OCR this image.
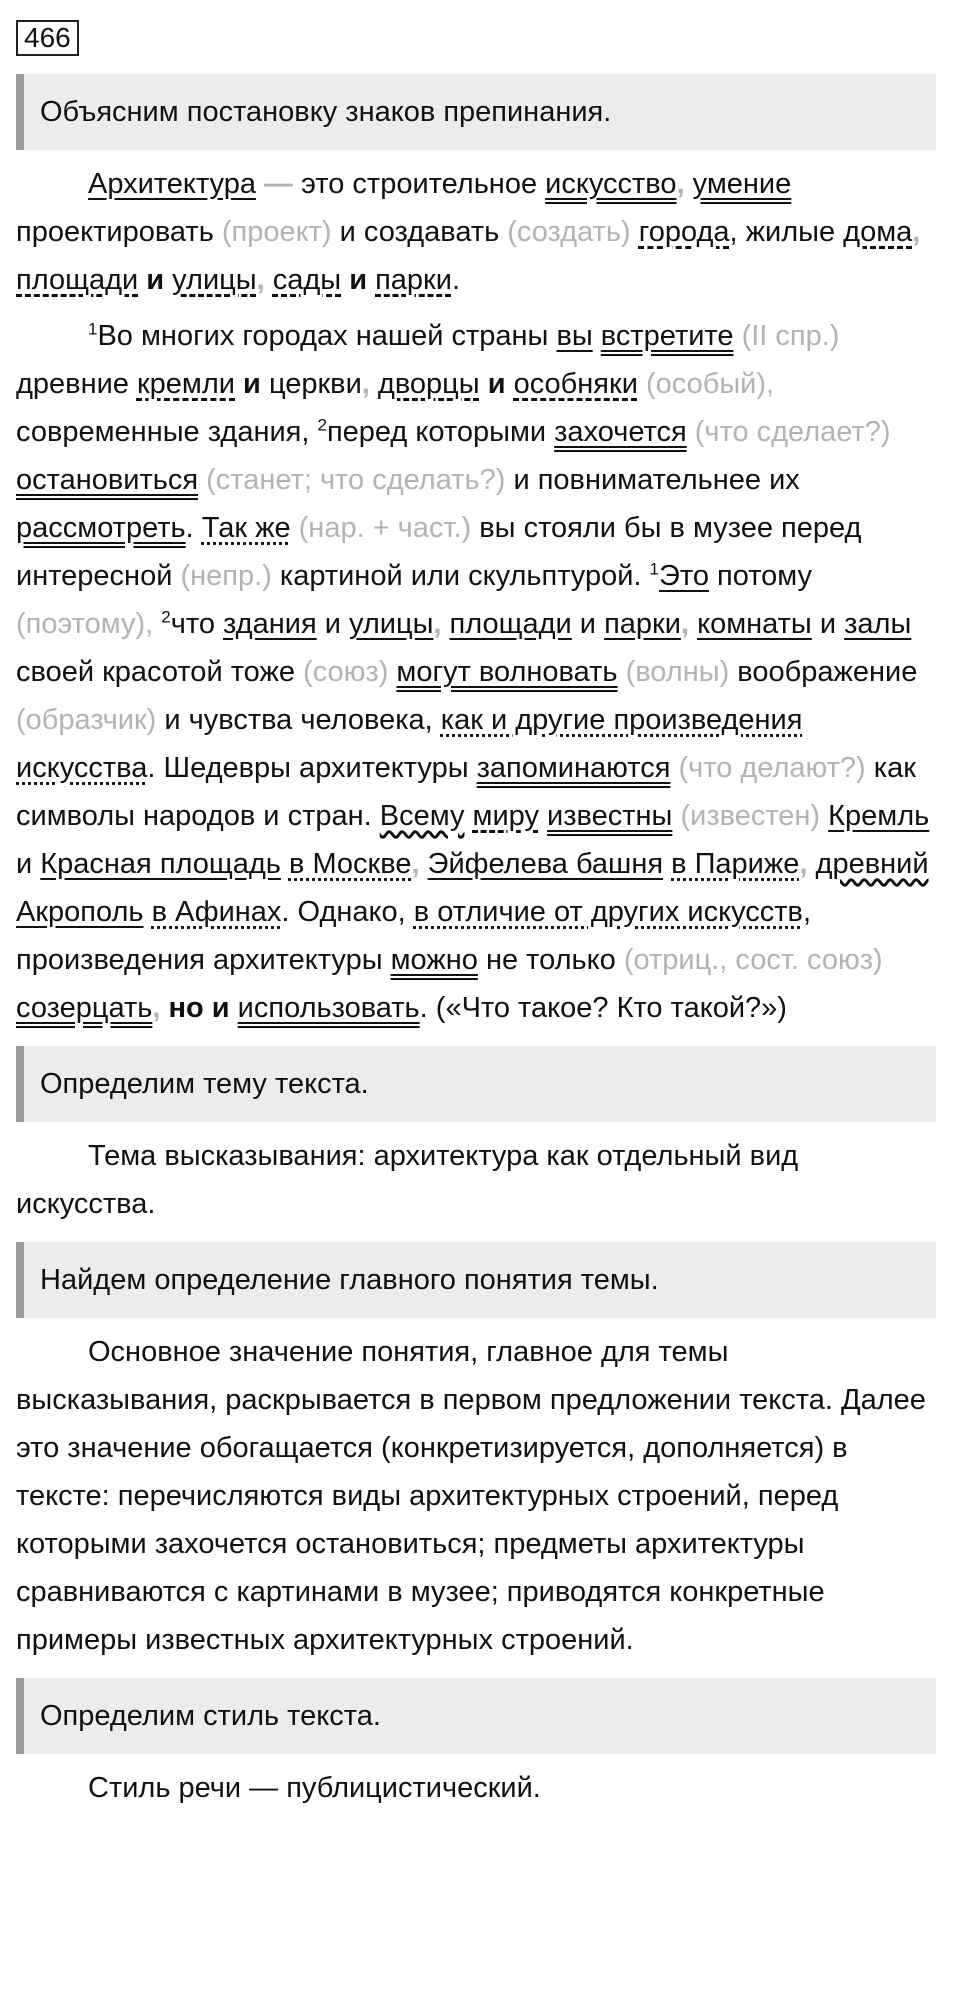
466
Объясним постановку знаков препинания.

Архитектура — это строительное искусство, умение проектировать (проект) и создавать (создать) города, жилые дома, площади и улицы, сады и парки.

$^1$Во многих городах нашей страны вы встретите (II спр.) древние кремли и церкви, дворцы и особняки (особый), современные здания, $^2$перед которыми захочется (что сделает?) остановиться (станет; что сделать?) и повнимательнее их рассмотреть. Так же (нар. + част.) вы стояли бы в музее перед интересной (непр.) картиной или скульптурой. $^1$Это потому (поэтому), $^2$что здания и улицы, площади и парки, комнаты и залы своей красотой тоже (союз) могут волновать (волны) воображение (образчик) и чувства человека, как и другие произведения искусства. Шедевры архитектуры запоминаются (что делают?) как символы народов и стран. Всему миру известны (известен) Кремль и Красная площадь в Москве, Эйфелева башня в Париже, древний Акрополь в Афинах. Однако, в отличие от других искусств, произведения архитектуры можно не только (отриц., сост. союз) созерцать, но и использовать. («Что такое? Кто такой?»)

Определим тему текста.

Тема высказывания: архитектура как отдельный вид искусства.

Найдем определение главного понятия темы.

Основное значение понятия, главное для темы высказывания, раскрывается в первом предложении текста. Далее это значение обогащается (конкретизируется, дополняется) в тексте: перечисляются виды архитектурных строений, перед которыми захочется остановиться; предметы архитектуры сравниваются с картинами в музее; приводятся конкретные примеры известных архитектурных строений.

Определим стиль текста.

Стиль речи — публицистический.
